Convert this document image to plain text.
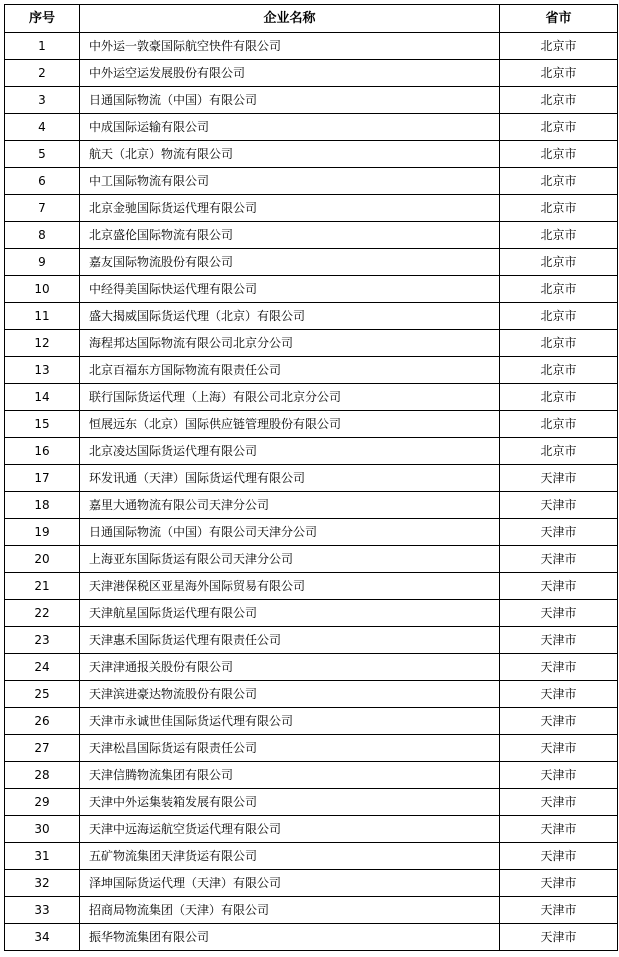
序号	企业名称	省市
1	中外运一敦豪国际航空快件有限公司	北京市
2	中外运空运发展股份有限公司	北京市
3	日通国际物流（中国）有限公司	北京市
4	中成国际运输有限公司	北京市
5	航天（北京）物流有限公司	北京市
6	中工国际物流有限公司	北京市
7	北京金驰国际货运代理有限公司	北京市
8	北京盛伦国际物流有限公司	北京市
9	嘉友国际物流股份有限公司	北京市
10	中经得美国际快运代理有限公司	北京市
11	盛大揭威国际货运代理（北京）有限公司	北京市
12	海程邦达国际物流有限公司北京分公司	北京市
13	北京百福东方国际物流有限责任公司	北京市
14	联行国际货运代理（上海）有限公司北京分公司	北京市
15	恒展远东（北京）国际供应链管理股份有限公司	北京市
16	北京凌达国际货运代理有限公司	北京市
17	环发讯通（天津）国际货运代理有限公司	天津市
18	嘉里大通物流有限公司天津分公司	天津市
19	日通国际物流（中国）有限公司天津分公司	天津市
20	上海亚东国际货运有限公司天津分公司	天津市
21	天津港保税区亚星海外国际贸易有限公司	天津市
22	天津航星国际货运代理有限公司	天津市
23	天津惠禾国际货运代理有限责任公司	天津市
24	天津津通报关股份有限公司	天津市
25	天津滨进豪达物流股份有限公司	天津市
26	天津市永诚世佳国际货运代理有限公司	天津市
27	天津松昌国际货运有限责任公司	天津市
28	天津信腾物流集团有限公司	天津市
29	天津中外运集装箱发展有限公司	天津市
30	天津中远海运航空货运代理有限公司	天津市
31	五矿物流集团天津货运有限公司	天津市
32	泽坤国际货运代理（天津）有限公司	天津市
33	招商局物流集团（天津）有限公司	天津市
34	振华物流集团有限公司	天津市
